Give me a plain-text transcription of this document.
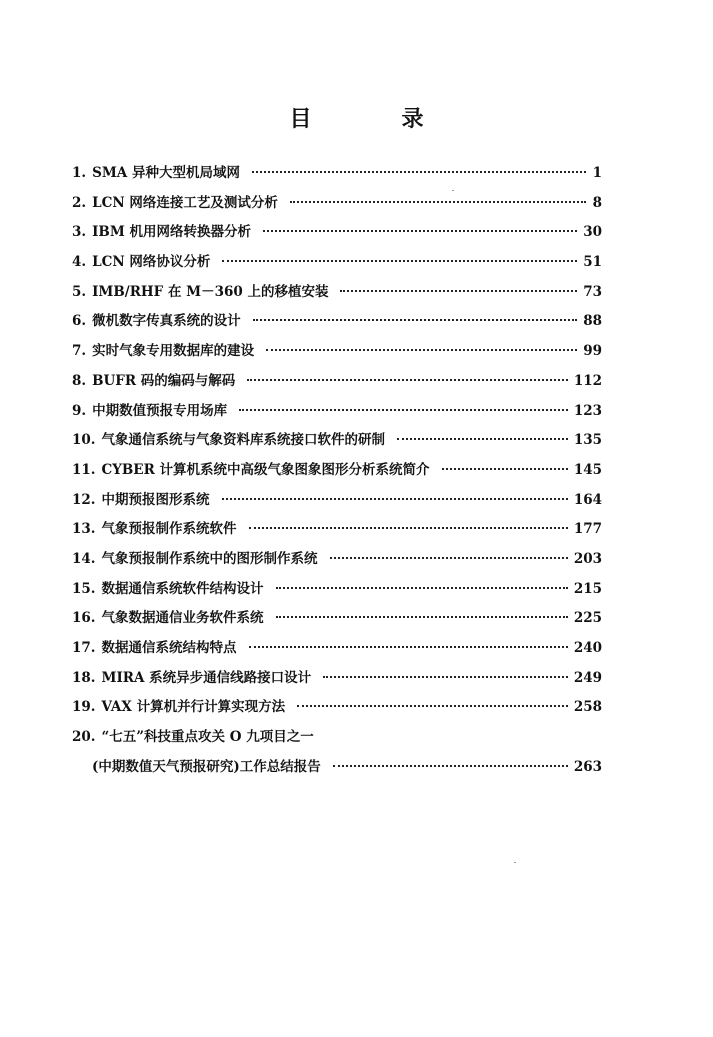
目　录
1. SMA 异种大型机局域网	1
2. LCN 网络连接工艺及测试分析	8
3. IBM 机用网络转换器分析	30
4. LCN 网络协议分析	51
5. IMB/RHF 在 M－360 上的移植安装	73
6. 微机数字传真系统的设计	88
7. 实时气象专用数据库的建设	99
8. BUFR 码的编码与解码	112
9. 中期数值预报专用场库	123
10. 气象通信系统与气象资料库系统接口软件的研制	135
11. CYBER 计算机系统中高级气象图象图形分析系统简介	145
12. 中期预报图形系统	164
13. 气象预报制作系统软件	177
14. 气象预报制作系统中的图形制作系统	203
15. 数据通信系统软件结构设计	215
16. 气象数据通信业务软件系统	225
17. 数据通信系统结构特点	240
18. MIRA 系统异步通信线路接口设计	249
19. VAX 计算机并行计算实现方法	258
20. “七五”科技重点攻关 O 九项目之一
(中期数值天气预报研究)工作总结报告	263
